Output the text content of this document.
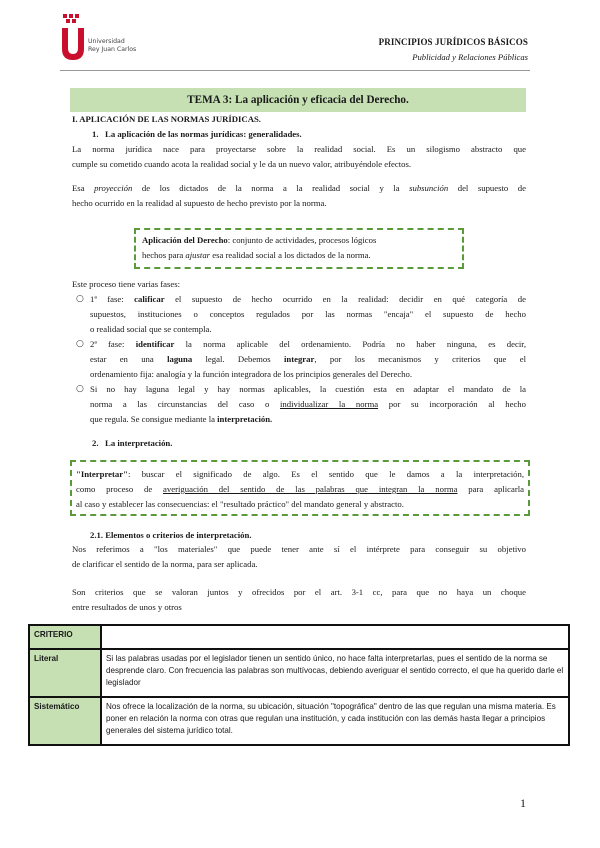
Universidad
Rey Juan Carlos
PRINCIPIOS JURÍDICOS BÁSICOS
Publicidad y Relaciones Públicas
TEMA 3: La aplicación y eficacia del Derecho.
I. APLICACIÓN DE LAS NORMAS JURÍDICAS.
1. La aplicación de las normas jurídicas: generalidades.
La norma jurídica nace para proyectarse sobre la realidad social. Es un silogismo abstracto que
cumple su cometido cuando acota la realidad social y le da un nuevo valor, atribuyéndole efectos.
Esa proyección de los dictados de la norma a la realidad social y la subsunción del supuesto de
hecho ocurrido en la realidad al supuesto de hecho previsto por la norma.
Aplicación del Derecho: conjunto de actividades, procesos lógicos
hechos para ajustar esa realidad social a los dictados de la norma.
Este proceso tiene varias fases:
○ 1ª fase: calificar el supuesto de hecho ocurrido en la realidad: decidir en qué categoría de
supuestos, instituciones o conceptos regulados por las normas "encaja" el supuesto de hecho
o realidad social que se contempla.
○ 2ª fase: identificar la norma aplicable del ordenamiento. Podría no haber ninguna, es decir,
estar en una laguna legal. Debemos integrar, por los mecanismos y criterios que el
ordenamiento fija: analogía y la función integradora de los principios generales del Derecho.
○ Si no hay laguna legal y hay normas aplicables, la cuestión esta en adaptar el mandato de la
norma a las circunstancias del caso o individualizar la norma por su incorporación al hecho
que regula. Se consigue mediante la interpretación.
2. La interpretación.
"Interpretar": buscar el significado de algo. Es el sentido que le damos a la interpretación,
como proceso de averiguación del sentido de las palabras que integran la norma para aplicarla
al caso y establecer las consecuencias: el "resultado práctico" del mandato general y abstracto.
2.1. Elementos o criterios de interpretación.
Nos referimos a "los materiales" que puede tener ante sí el intérprete para conseguir su objetivo
de clarificar el sentido de la norma, para ser aplicada.
Son criterios que se valoran juntos y ofrecidos por el art. 3-1 cc, para que no haya un choque
entre resultados de unos y otros
CRITERIO	
Literal	Si las palabras usadas por el legislador tienen un sentido único, no hace falta interpretarlas, pues el sentido de la norma se desprende claro. Con frecuencia las palabras son multívocas, debiendo averiguar el sentido correcto, el que ha querido darle el legislador
Sistemático	Nos ofrece la localización de la norma, su ubicación, situación "topográfica" dentro de las que regulan una misma materia. Es poner en relación la norma con otras que regulan una institución, y cada institución con las demás hasta llegar a principios generales del sistema jurídico total.
1
